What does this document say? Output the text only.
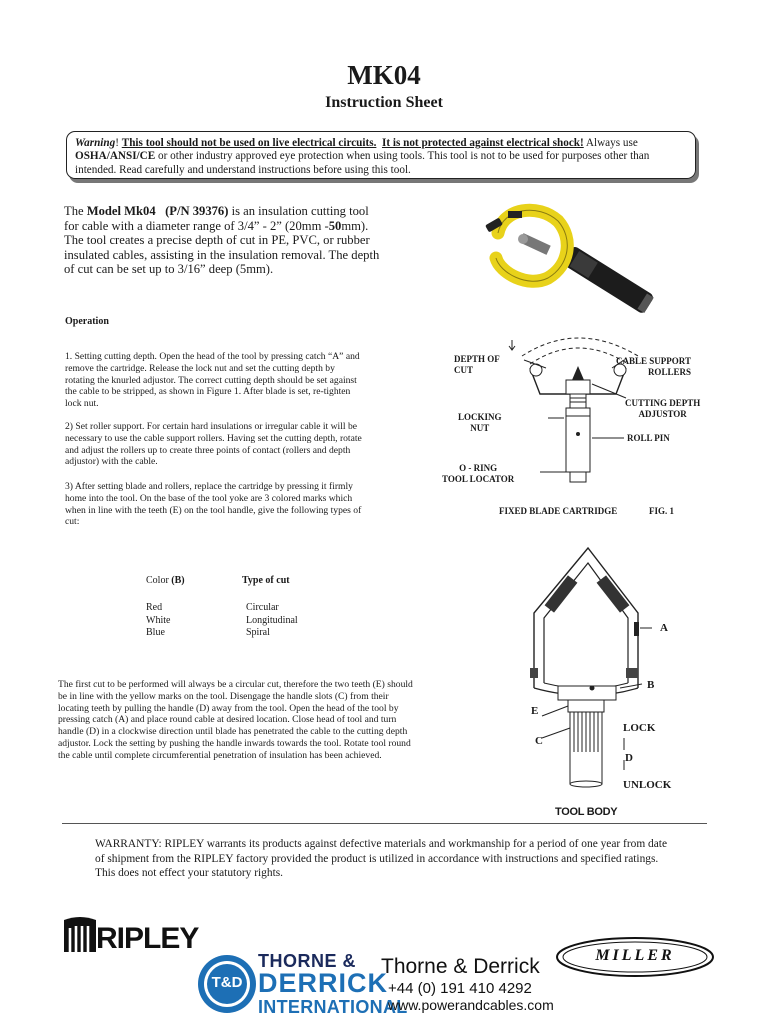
MK04
Instruction Sheet
Warning! This tool should not be used on live electrical circuits. It is not protected against electrical shock! Always use OSHA/ANSI/CE or other industry approved eye protection when using tools. This tool is not to be used for purposes other than intended. Read carefully and understand instructions before using this tool.
The Model Mk04 (P/N 39376) is an insulation cutting tool for cable with a diameter range of 3/4” - 2” (20mm -50mm). The tool creates a precise depth of cut in PE, PVC, or rubber insulated cables, assisting in the insulation removal. The depth of cut can be set up to 3/16” deep (5mm).
Operation
1. Setting cutting depth. Open the head of the tool by pressing catch “A” and remove the cartridge. Release the lock nut and set the cutting depth by rotating the knurled adjustor. The correct cutting depth should be set against the cable to be stripped, as shown in Figure 1. After blade is set, re-tighten lock nut.
2) Set roller support. For certain hard insulations or irregular cable it will be necessary to use the cable support rollers. Having set the cutting depth, rotate and adjust the rollers up to create three points of contact (rollers and depth adjustor) with the cable.
3) After setting blade and rollers, replace the cartridge by pressing it firmly home into the tool. On the base of the tool yoke are 3 colored marks which when in line with the teeth (E) on the tool handle, give the following types of cut:
Color (B)	Type of cut
Red
White
Blue
Circular
Longitudinal
Spiral
The first cut to be performed will always be a circular cut, therefore the two teeth (E) should be in line with the yellow marks on the tool. Disengage the handle slots (C) from their locating teeth by pulling the handle (D) away from the tool. Open the head of the tool by pressing catch (A) and place round cable at desired location. Close head of tool and turn handle (D) in a clockwise direction until blade has penetrated the cable to the cutting depth adjustor. Lock the setting by pushing the handle inwards towards the tool. Rotate tool round the cable until complete circumferential penetration of insulation has been achieved.
DEPTH OF
CUT
CABLE SUPPORT
ROLLERS
CUTTING DEPTH
ADJUSTOR
LOCKING
NUT
ROLL PIN
O - RING
TOOL LOCATOR
FIXED BLADE CARTRIDGE	FIG. 1
A
B
E
C
LOCK
D
UNLOCK
TOOL BODY
WARRANTY: RIPLEY warrants its products against defective materials and workmanship for a period of one year from date of shipment from the RIPLEY factory provided the product is utilized in accordance with instructions and specified ratings. This does not effect your statutory rights.
RIPLEY
T&D
THORNE &
DERRICK
INTERNATIONAL
Thorne & Derrick
+44 (0) 191 410 4292
www.powerandcables.com
MILLER
